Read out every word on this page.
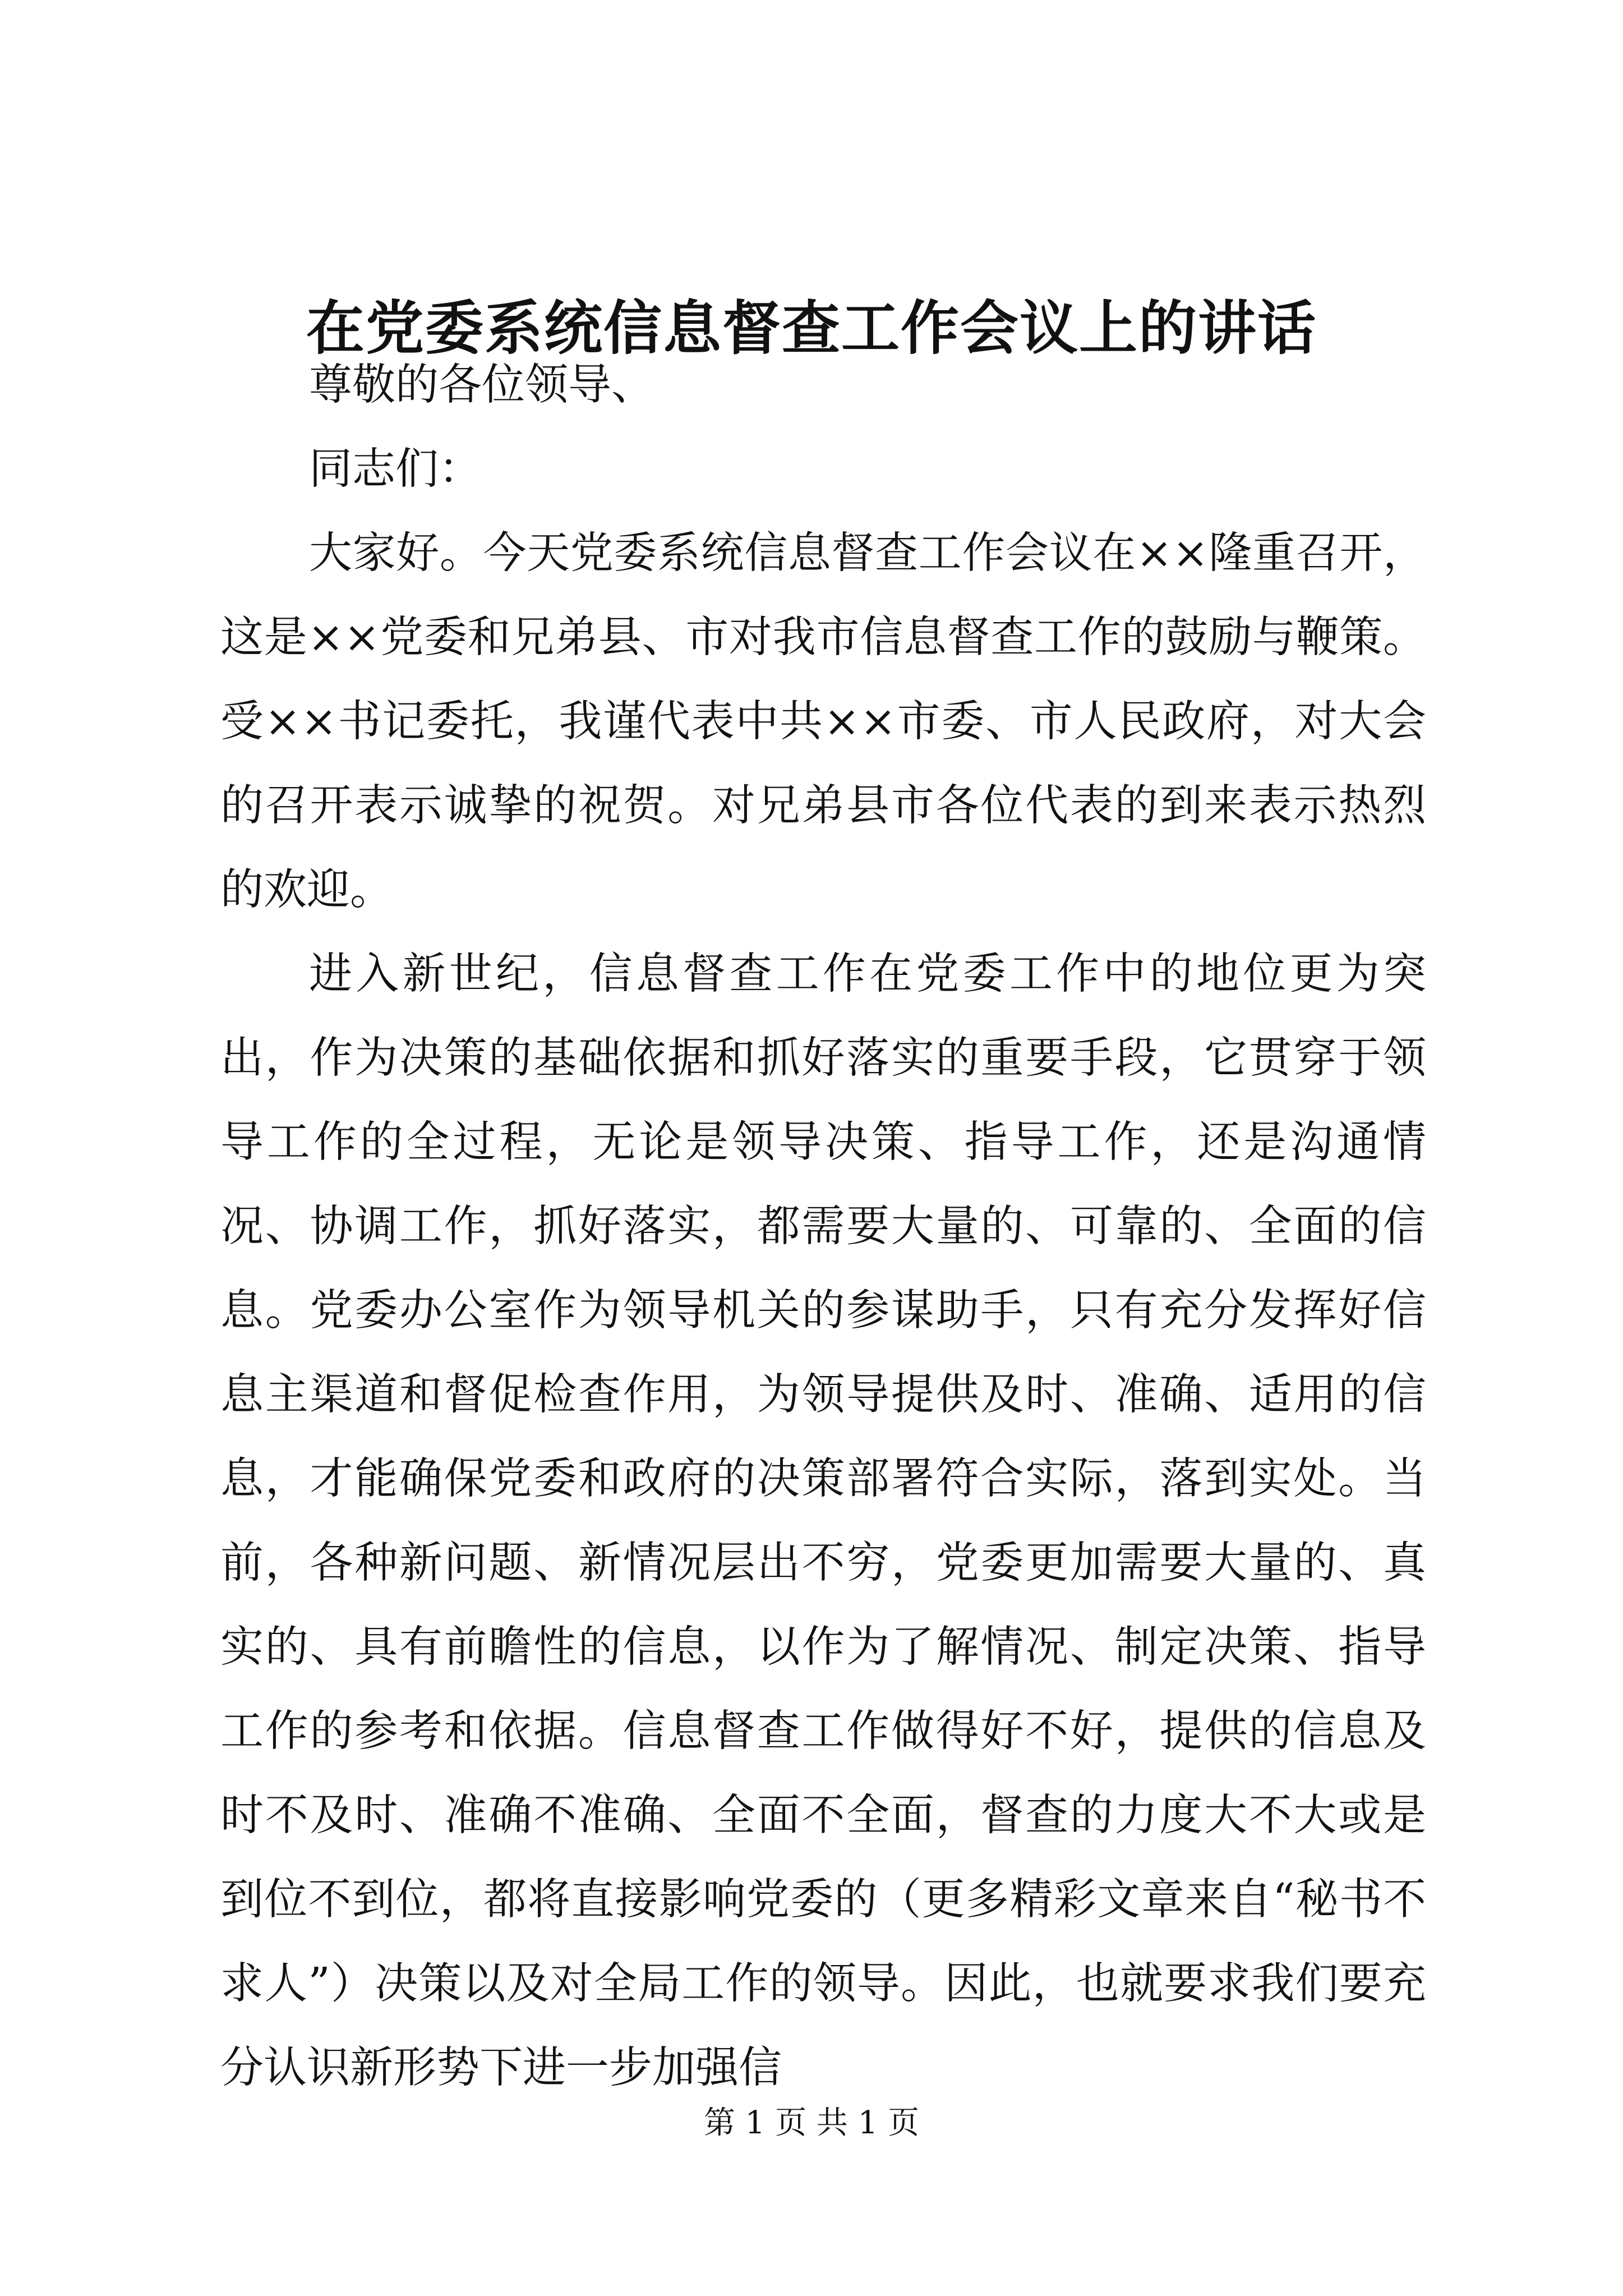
在党委系统信息督查工作会议上的讲话

尊敬的各位领导、

同志们：

大家好。今天党委系统信息督查工作会议在××隆重召开，这是××党委和兄弟县、市对我市信息督查工作的鼓励与鞭策。受××书记委托，我谨代表中共××市委、市人民政府，对大会的召开表示诚挚的祝贺。对兄弟县市各位代表的到来表示热烈的欢迎。

进入新世纪，信息督查工作在党委工作中的地位更为突出，作为决策的基础依据和抓好落实的重要手段，它贯穿于领导工作的全过程，无论是领导决策、指导工作，还是沟通情况、协调工作，抓好落实，都需要大量的、可靠的、全面的信息。党委办公室作为领导机关的参谋助手，只有充分发挥好信息主渠道和督促检查作用，为领导提供及时、准确、适用的信息，才能确保党委和政府的决策部署符合实际，落到实处。当前，各种新问题、新情况层出不穷，党委更加需要大量的、真实的、具有前瞻性的信息，以作为了解情况、制定决策、指导工作的参考和依据。信息督查工作做得好不好，提供的信息及时不及时、准确不准确、全面不全面，督查的力度大不大或是到位不到位，都将直接影响党委的（更多精彩文章来自“秘书不求人”）决策以及对全局工作的领导。因此，也就要求我们要充分认识新形势下进一步加强信

第 1 页 共 1 页
